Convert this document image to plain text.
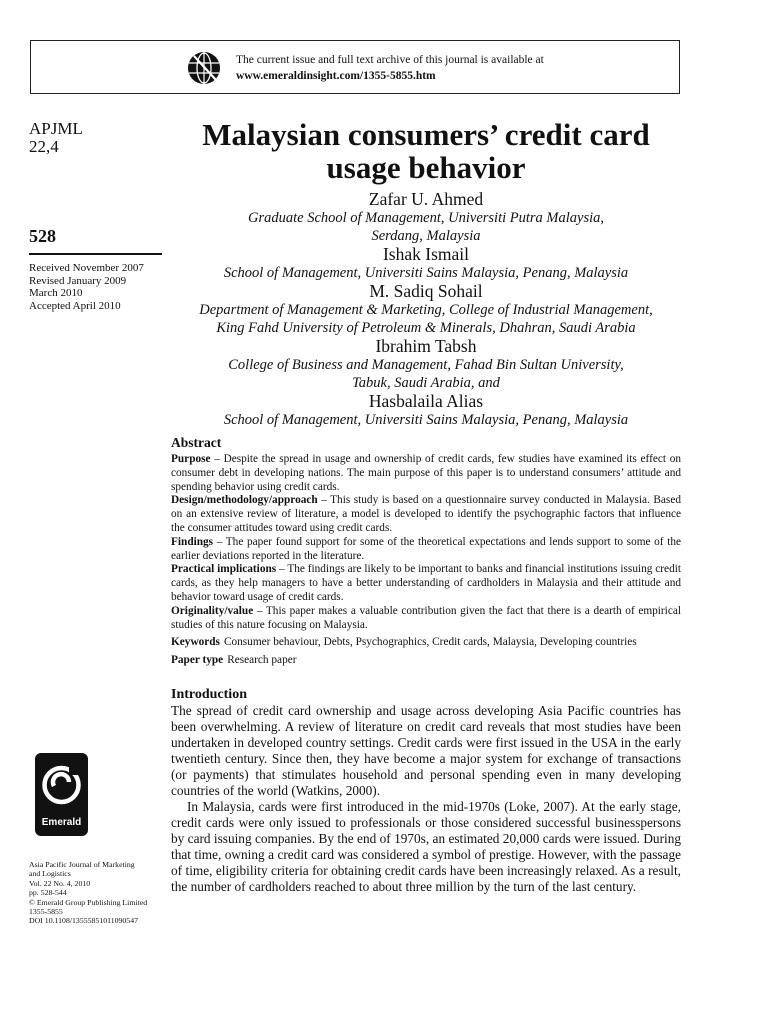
The current issue and full text archive of this journal is available at
www.emeraldinsight.com/1355-5855.htm
APJML
22,4
528
Received November 2007
Revised January 2009
March 2010
Accepted April 2010
Emerald
Asia Pacific Journal of Marketing
and Logistics
Vol. 22 No. 4, 2010
pp. 528-544
© Emerald Group Publishing Limited
1355-5855
DOI 10.1108/13555851011090547
Malaysian consumers’ credit card
usage behavior

Zafar U. Ahmed

Graduate School of Management, Universiti Putra Malaysia,

Serdang, Malaysia

Ishak Ismail

School of Management, Universiti Sains Malaysia, Penang, Malaysia

M. Sadiq Sohail

Department of Management & Marketing, College of Industrial Management,

King Fahd University of Petroleum & Minerals, Dhahran, Saudi Arabia

Ibrahim Tabsh

College of Business and Management, Fahad Bin Sultan University,

Tabuk, Saudi Arabia, and

Hasbalaila Alias

School of Management, Universiti Sains Malaysia, Penang, Malaysia

Abstract

Purpose – Despite the spread in usage and ownership of credit cards, few studies have examined its effect on consumer debt in developing nations. The main purpose of this paper is to understand consumers’ attitude and spending behavior using credit cards.

Design/methodology/approach – This study is based on a questionnaire survey conducted in Malaysia. Based on an extensive review of literature, a model is developed to identify the psychographic factors that influence the consumer attitudes toward using credit cards.

Findings – The paper found support for some of the theoretical expectations and lends support to some of the earlier deviations reported in the literature.

Practical implications – The findings are likely to be important to banks and financial institutions issuing credit cards, as they help managers to have a better understanding of cardholders in Malaysia and their attitude and behavior toward usage of credit cards.

Originality/value – This paper makes a valuable contribution given the fact that there is a dearth of empirical studies of this nature focusing on Malaysia.

Keywords Consumer behaviour, Debts, Psychographics, Credit cards, Malaysia, Developing countries

Paper type Research paper

Introduction

The spread of credit card ownership and usage across developing Asia Pacific countries has been overwhelming. A review of literature on credit card reveals that most studies have been undertaken in developed country settings. Credit cards were first issued in the USA in the early twentieth century. Since then, they have become a major system for exchange of transactions (or payments) that stimulates household and personal spending even in many developing countries of the world (Watkins, 2000).

In Malaysia, cards were first introduced in the mid-1970s (Loke, 2007). At the early stage, credit cards were only issued to professionals or those considered successful businesspersons by card issuing companies. By the end of 1970s, an estimated 20,000 cards were issued. During that time, owning a credit card was considered a symbol of prestige. However, with the passage of time, eligibility criteria for obtaining credit cards have been increasingly relaxed. As a result, the number of cardholders reached to about three million by the turn of the last century.
